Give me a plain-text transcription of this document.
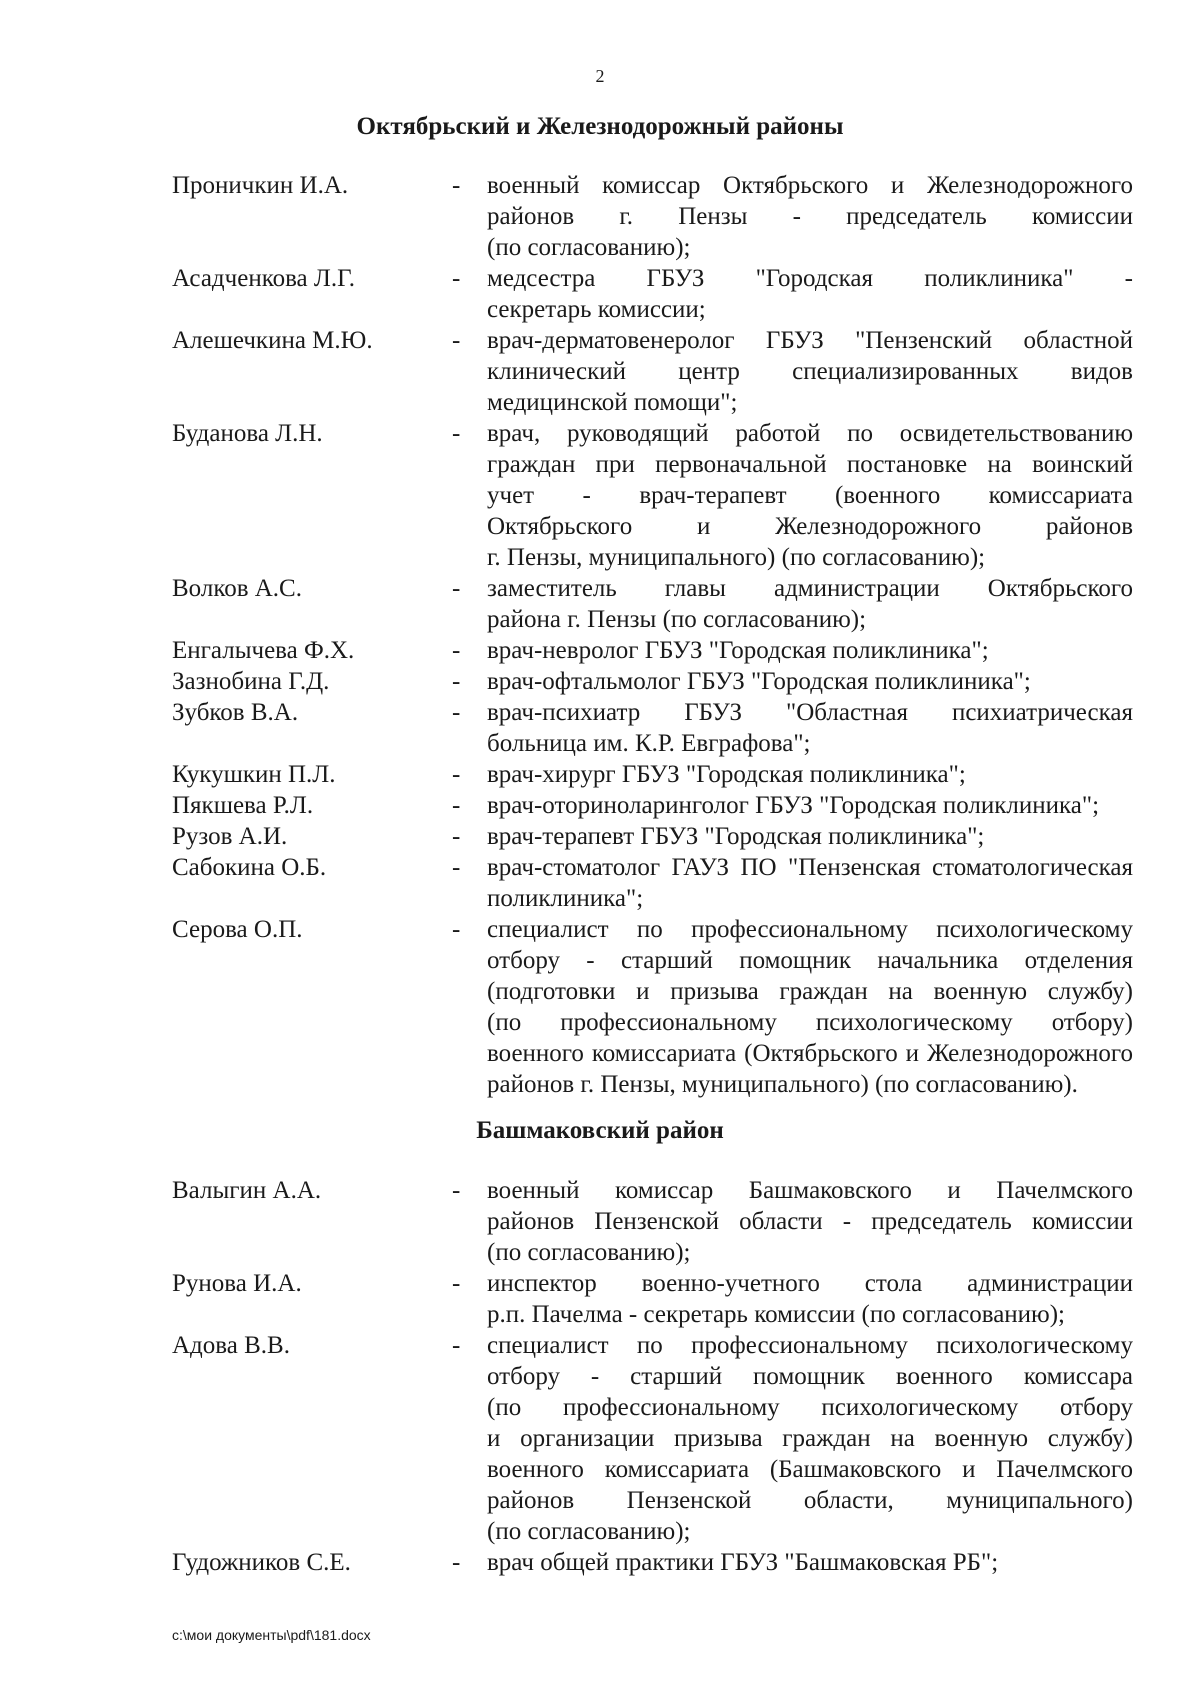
2
Октябрьский и Железнодорожный районы
Проничкин И.А.	- военный комиссар Октябрьского и Железнодорожного
районов г. Пензы - председатель комиссии
(по согласованию);
Асадченкова Л.Г.	- медсестра ГБУЗ "Городская поликлиника" -
секретарь комиссии;
Алешечкина М.Ю.	- врач-дерматовенеролог ГБУЗ "Пензенский областной
клинический центр специализированных видов
медицинской помощи";
Буданова Л.Н.	- врач, руководящий работой по освидетельствованию
граждан при первоначальной постановке на воинский
учет - врач-терапевт (военного комиссариата
Октябрьского и Железнодорожного районов
г. Пензы, муниципального) (по согласованию);
Волков А.С.	- заместитель главы администрации Октябрьского
района г. Пензы (по согласованию);
Енгалычева Ф.Х.	- врач-невролог ГБУЗ "Городская поликлиника";
Зазнобина Г.Д.	- врач-офтальмолог ГБУЗ "Городская поликлиника";
Зубков В.А.	- врач-психиатр ГБУЗ "Областная психиатрическая
больница им. К.Р. Евграфова";
Кукушкин П.Л.	- врач-хирург ГБУЗ "Городская поликлиника";
Пякшева Р.Л.	- врач-оториноларинголог ГБУЗ "Городская поликлиника";
Рузов А.И.	- врач-терапевт ГБУЗ "Городская поликлиника";
Сабокина О.Б.	- врач-стоматолог ГАУЗ ПО "Пензенская стоматологическая
поликлиника";
Серова О.П.	- специалист по профессиональному психологическому
отбору - старший помощник начальника отделения
(подготовки и призыва граждан на военную службу)
(по профессиональному психологическому отбору)
военного комиссариата (Октябрьского и Железнодорожного
районов г. Пензы, муниципального) (по согласованию).
Башмаковский район
Валыгин А.А.	- военный комиссар Башмаковского и Пачелмского
районов Пензенской области - председатель комиссии
(по согласованию);
Рунова И.А.	- инспектор военно-учетного стола администрации
р.п. Пачелма - секретарь комиссии (по согласованию);
Адова В.В.	- специалист по профессиональному психологическому
отбору - старший помощник военного комиссара
(по профессиональному психологическому отбору
и организации призыва граждан на военную службу)
военного комиссариата (Башмаковского и Пачелмского
районов Пензенской области, муниципального)
(по согласованию);
Гудожников С.Е.	- врач общей практики ГБУЗ "Башмаковская РБ";
c:\мои документы\pdf\181.docx
